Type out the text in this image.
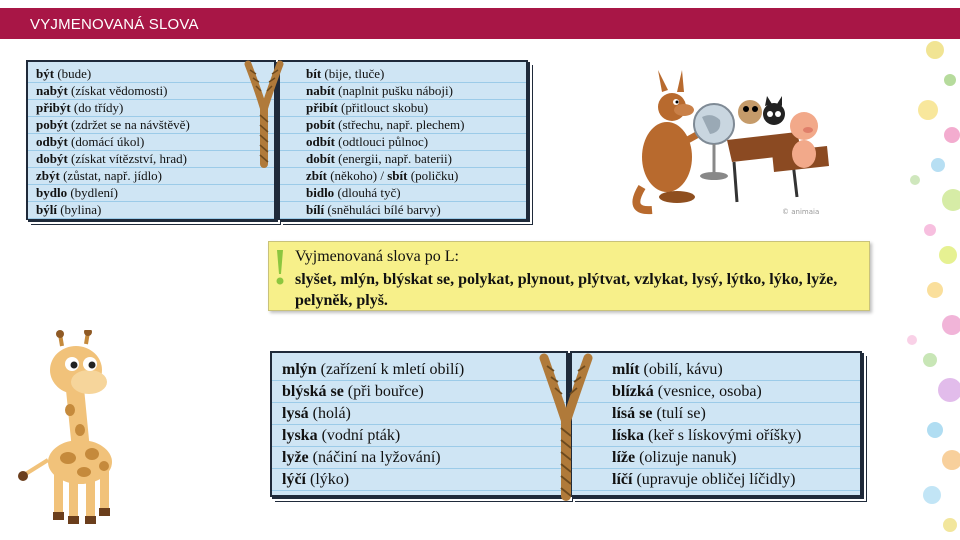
VYJMENOVANÁ SLOVA
být (bude)
nabýt (získat vědomosti)
přibýt (do třídy)
pobýt (zdržet se na návštěvě)
odbýt (domácí úkol)
dobýt (získat vítězství, hrad)
zbýt (zůstat, např. jídlo)
bydlo (bydlení)
býlí (bylina)
bít (bije, tluče)
nabít (naplnit pušku náboji)
přibít (přitlouct skobu)
pobít (střechu, např. plechem)
odbít (odtlouci půlnoc)
dobít (energii, např. baterii)
zbít (někoho) / sbít (poličku)
bidlo (dlouhá tyč)
bílí (sněhuláci bílé barvy)	© animaia
Vyjmenovaná slova po L:
slyšet, mlýn, blýskat se, polykat, plynout, plýtvat, vzlykat, lysý, lýtko, lýko, lyže, pelyněk, plyš.
mlýn (zařízení k mletí obilí)
blýská se (při bouřce)
lysá (holá)
lyska (vodní pták)
lyže (náčiní na lyžování)
lýčí (lýko)
mlít (obilí, kávu)
blízká (vesnice, osoba)
lísá se (tulí se)
líska (keř s lískovými oříšky)
líže (olizuje nanuk)
líčí (upravuje obličej líčidly)
